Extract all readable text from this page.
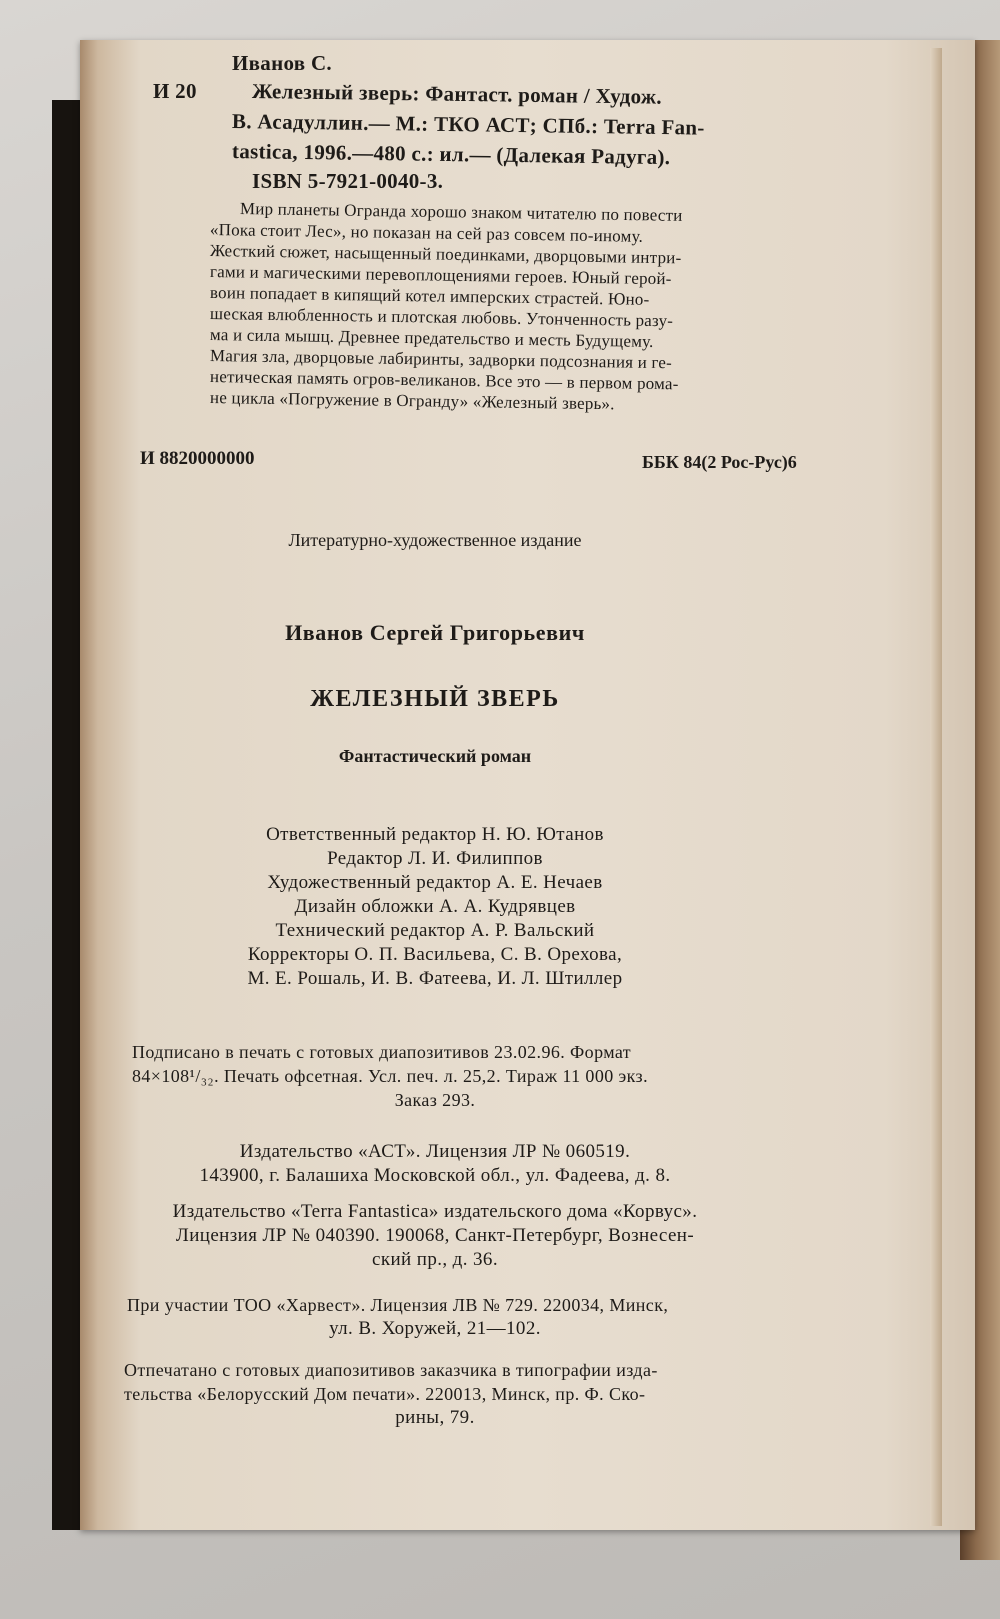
Иванов С.
И 20	Железный зверь: Фантаст. роман / Худож.
В. Асадуллин.— М.: ТКО АСТ; СПб.: Terra Fan-
tastica, 1996.—480 с.: ил.— (Далекая Радуга).
ISBN 5-7921-0040-3.
Мир планеты Огранда хорошо знаком читателю по повести
«Пока стоит Лес», но показан на сей раз совсем по-иному.
Жесткий сюжет, насыщенный поединками, дворцовыми интри-
гами и магическими перевоплощениями героев. Юный герой-
воин попадает в кипящий котел имперских страстей. Юно-
шеская влюбленность и плотская любовь. Утонченность разу-
ма и сила мышц. Древнее предательство и месть Будущему.
Магия зла, дворцовые лабиринты, задворки подсознания и ге-
нетическая память огров-великанов. Все это — в первом рома-
не цикла «Погружение в Огранду» «Железный зверь».
И 8820000000	ББК 84(2 Рос-Рус)6
Литературно-художественное издание
Иванов Сергей Григорьевич
ЖЕЛЕЗНЫЙ ЗВЕРЬ
Фантастический роман
Ответственный редактор Н. Ю. Ютанов
Редактор Л. И. Филиппов
Художественный редактор А. Е. Нечаев
Дизайн обложки А. А. Кудрявцев
Технический редактор А. Р. Вальский
Корректоры О. П. Васильева, С. В. Орехова,
М. Е. Рошаль, И. В. Фатеева, И. Л. Штиллер
Подписано в печать с готовых диапозитивов 23.02.96. Формат
84×108¹/₃₂. Печать офсетная. Усл. печ. л. 25,2. Тираж 11 000 экз.
Заказ 293.
Издательство «АСТ». Лицензия ЛР № 060519.
143900, г. Балашиха Московской обл., ул. Фадеева, д. 8.
Издательство «Terra Fantastica» издательского дома «Корвус».
Лицензия ЛР № 040390. 190068, Санкт-Петербург, Вознесен-
ский пр., д. 36.
При участии ТОО «Харвест». Лицензия ЛВ № 729. 220034, Минск,
ул. В. Хоружей, 21—102.
Отпечатано с готовых диапозитивов заказчика в типографии изда-
тельства «Белорусский Дом печати». 220013, Минск, пр. Ф. Ско-
рины, 79.
